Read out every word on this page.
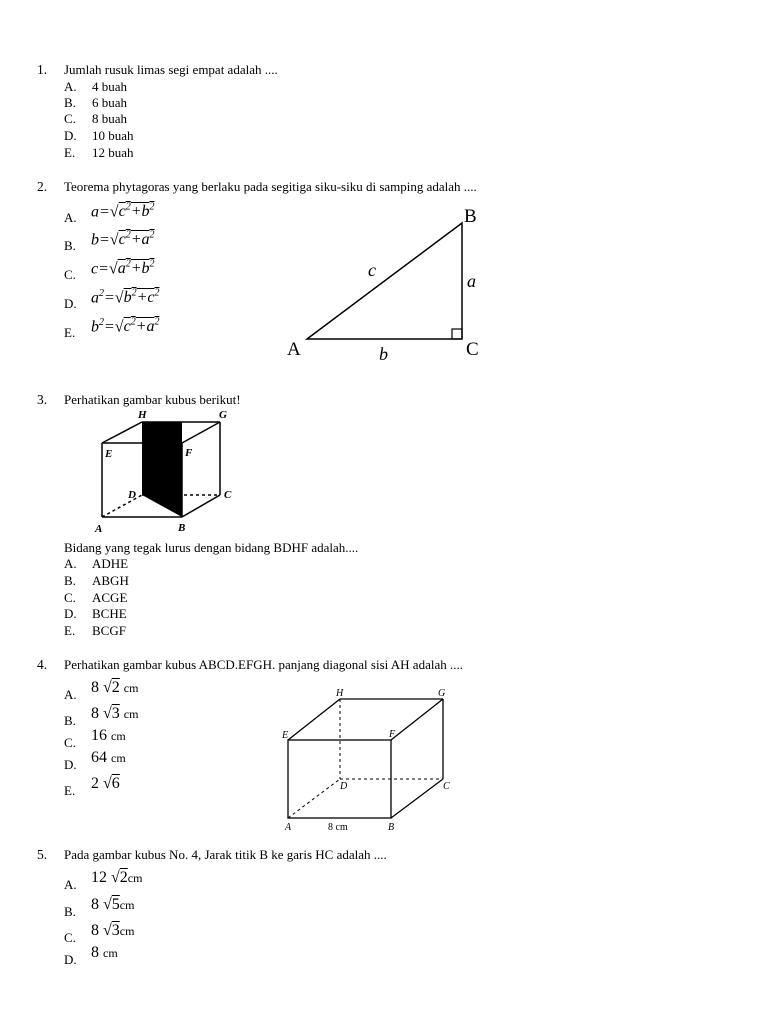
1. Jumlah rusuk limas segi empat adalah ....
A. 4 buah
B. 6 buah
C. 8 buah
D. 10 buah
E. 12 buah
2. Teorema phytagoras yang berlaku pada segitiga siku-siku di samping adalah ....
A. $a=√c^2+b^2$
B. $b=√c^2+a^2$
C. $c=√a^2+b^2$
D. $a^2=√b^2+c^2$
E. $b^2=√c^2+a^2$
B
A	C
c
a
b
3. Perhatikan gambar kubus berikut!
H	G
E	F
D	C
A	B
Bidang yang tegak lurus dengan bidang BDHF adalah....
A. ADHE
B. ABGH
C. ACGE
D. BCHE
E. BCGF
4. Perhatikan gambar kubus ABCD.EFGH. panjang diagonal sisi AH adalah ....
A. 8 √2 cm
B. 8 √3 cm
C. 16 cm
D. 64 cm
E. 2 √6
H	G
E	F
D	C
A	B
8 cm
5. Pada gambar kubus No. 4, Jarak titik B ke garis HC adalah ....
A. 12 √2cm
B. 8 √5cm
C. 8 √3cm
D. 8 cm
